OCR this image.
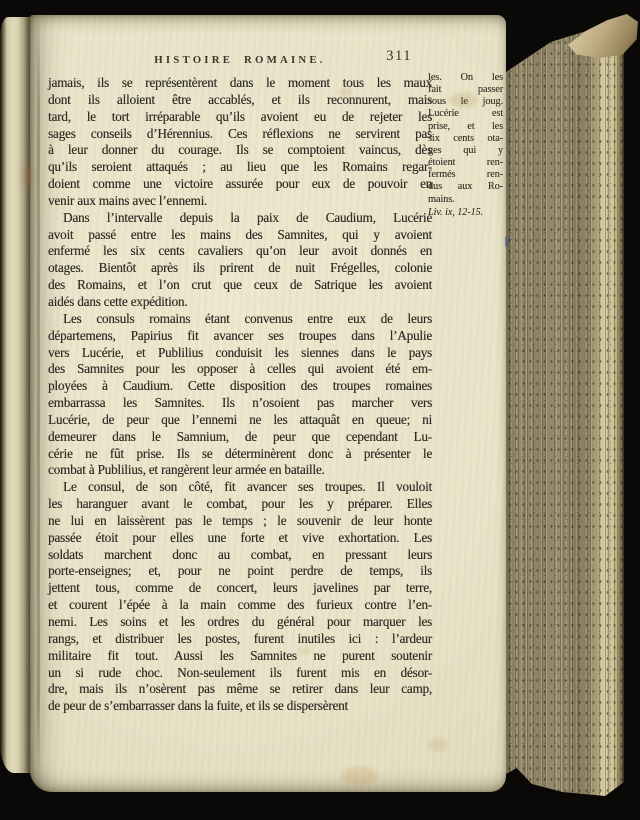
HISTOIRE ROMAINE.	311
jamais, ils se représentèrent dans le moment tous les maux
dont ils alloient être accablés, et ils reconnurent, mais
tard, le tort irréparable qu’ils avoient eu de rejeter les
sages conseils d’Hérennius. Ces réflexions ne servirent pas
à leur donner du courage. Ils se comptoient vaincus, dès
qu’ils seroient attaqués ; au lieu que les Romains regar-
doient comme une victoire assurée pour eux de pouvoir en
venir aux mains avec l’ennemi.
Dans l’intervalle depuis la paix de Caudium, Lucérie
avoit passé entre les mains des Samnites, qui y avoient
enfermé les six cents cavaliers qu’on leur avoit donnés en
otages. Bientôt après ils prirent de nuit Frégelles, colonie
des Romains, et l’on crut que ceux de Satrique les avoient
aidés dans cette expédition.
Les consuls romains étant convenus entre eux de leurs
départemens, Papirius fit avancer ses troupes dans l’Apulie
vers Lucérie, et Publilius conduisit les siennes dans le pays
des Samnites pour les opposer à celles qui avoient été em-
ployées à Caudium. Cette disposition des troupes romaines
embarrassa les Samnites. Ils n’osoient pas marcher vers
Lucérie, de peur que l’ennemi ne les attaquât en queue; ni
demeurer dans le Samnium, de peur que cependant Lu-
cérie ne fût prise. Ils se déterminèrent donc à présenter le
combat à Publilius, et rangèrent leur armée en bataille.
Le consul, de son côté, fit avancer ses troupes. Il vouloit
les haranguer avant le combat, pour les y préparer. Elles
ne lui en laissèrent pas le temps ; le souvenir de leur honte
passée étoit pour elles une forte et vive exhortation. Les
soldats marchent donc au combat, en pressant leurs
porte-enseignes; et, pour ne point perdre de temps, ils
jettent tous, comme de concert, leurs javelines par terre,
et courent l’épée à la main comme des furieux contre l’en-
nemi. Les soins et les ordres du général pour marquer les
rangs, et distribuer les postes, furent inutiles ici : l’ardeur
militaire fit tout. Aussi les Samnites ne purent soutenir
un si rude choc. Non-seulement ils furent mis en désor-
dre, mais ils n’osèrent pas même se retirer dans leur camp,
de peur de s’embarrasser dans la fuite, et ils se dispersèrent
les. On les
fait passer
sous le joug.
Lucérie est
prise, et les
six cents ota-
ges qui y
étoient ren-
fermés ren-
dus aux Ro-
mains.
Liv. ix, 12-15.
